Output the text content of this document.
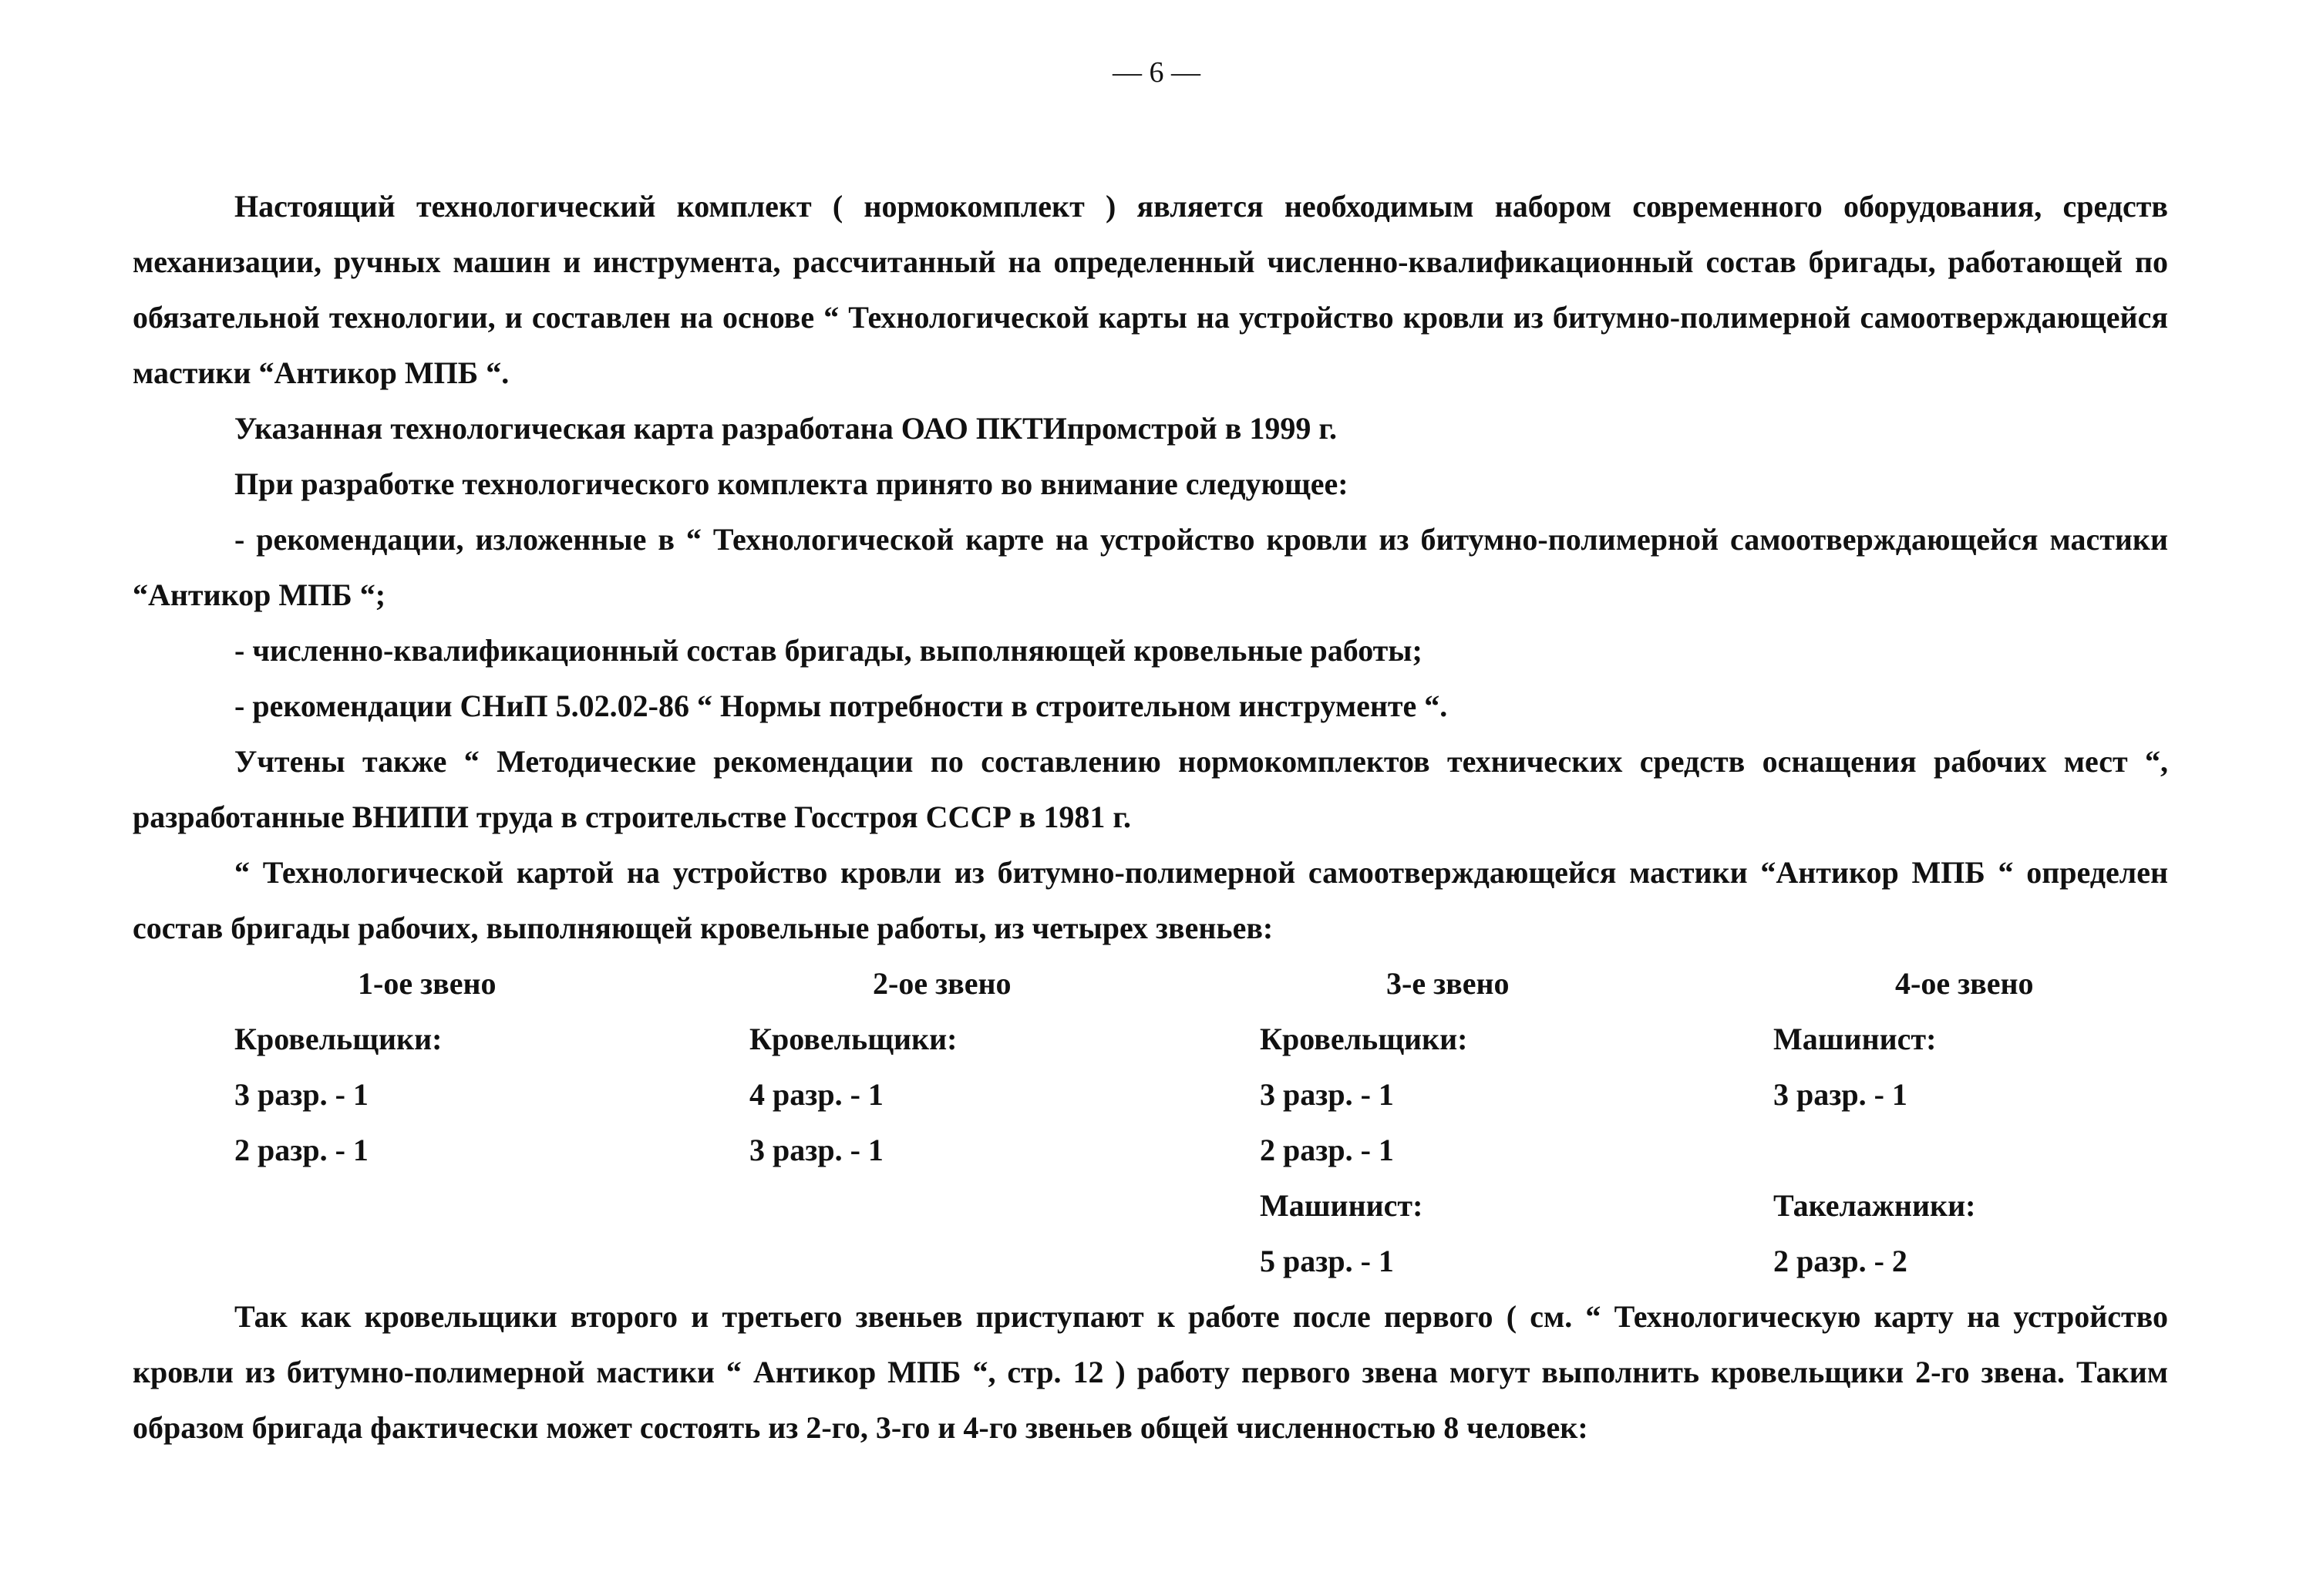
— 6 —

Настоящий технологический комплект ( нормокомплект ) является необходимым набором современного оборудования, средств механизации, ручных машин и инструмента, рассчитанный на определенный численно-квалификационный состав бригады, работающей по обязательной технологии, и составлен на основе “ Технологической карты на устройство кровли из битумно-полимерной самоотверждающейся мастики “Антикор МПБ “.

Указанная технологическая карта разработана ОАО ПКТИпромстрой в 1999 г.

При разработке технологического комплекта принято во внимание следующее:

- рекомендации, изложенные в “ Технологической карте на устройство кровли из битумно-полимерной самоотверждающейся мастики “Антикор МПБ “;

- численно-квалификационный состав бригады, выполняющей кровельные работы;

- рекомендации СНиП 5.02.02-86 “ Нормы потребности в строительном инструменте “.

Учтены также “ Методические рекомендации по составлению нормокомплектов технических средств оснащения рабочих мест “, разработанные ВНИПИ труда в строительстве Госстроя СССР в 1981 г.

“ Технологической картой на устройство кровли из битумно-полимерной самоотверждающейся мастики “Антикор МПБ “ определен состав бригады рабочих, выполняющей кровельные работы, из четырех звеньев:

1-ое звено
Кровельщики:
3 разр. - 1
2 разр. - 1
2-ое звено
Кровельщики:
4 разр. - 1
3 разр. - 1
3-е звено
Кровельщики:
3 разр. - 1
2 разр. - 1
Машинист:
5 разр. - 1
4-ое звено
Машинист:
3 разр. - 1
Такелажники:
2 разр. - 2

Так как кровельщики второго и третьего звеньев приступают к работе после первого ( см. “ Технологическую карту на устройство кровли из битумно-полимерной мастики “ Антикор МПБ “, стр. 12 ) работу первого звена могут выполнить кровельщики 2-го звена. Таким образом бригада фактически может состоять из 2-го, 3-го и 4-го звеньев общей численностью 8 человек:
